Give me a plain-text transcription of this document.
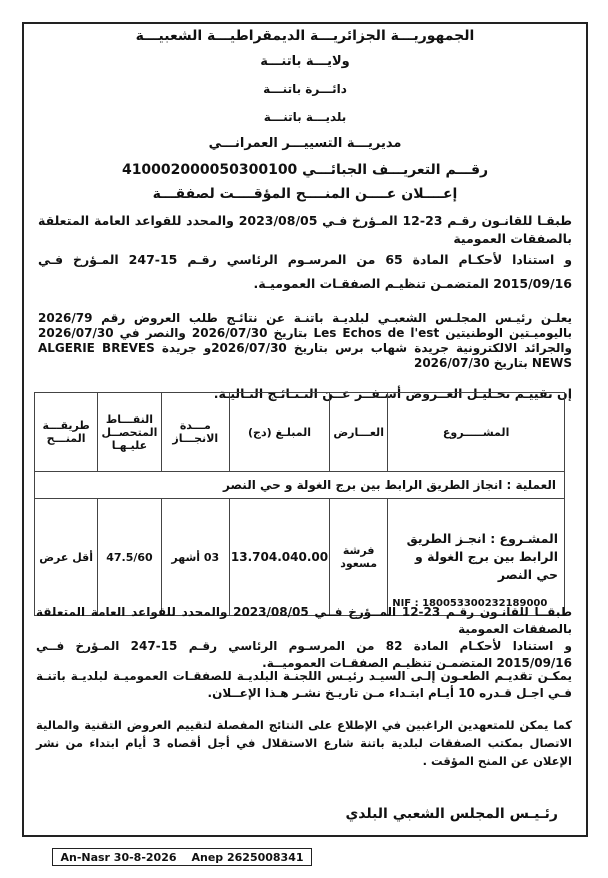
الجمهوريـــة الجزائريـــة الديمقراطيـــة الشعبيـــة
ولايـــة باتنـــة
دائـــرة باتنـــة
بلديـــة باتنـــة
مديريـــة التسييـــر العمرانـــي
رقـــم التعريـــف الجبائـــي 410002000050300100
إعــــلان عــــن المنــــح المؤقــــت لصفقـــة
طبقـا للقانـون رقـم 23-12 المـؤرخ فـي 2023/08/05 والمحدد للقواعد العامة المتعلقة بالصفقات العمومية
و استنادا لأحكـام المادة 65 من المرسـوم الرئاسي رقـم 15-247 المـؤرخ فـي 2015/09/16 المتضمـن تنظيـم الصفقـات العموميـة.
يعلـن رئيـس المجلـس الشعبـي لبلديـة باتنـة عن نتائـج طلب العروض رقم 2026/79 باليوميـتين الوطنيتين Les Echos de l'est بتاريخ 2026/07/30 والنصر في 2026/07/30 والجرائد الالكترونية جريدة شهاب برس بتاريخ 2026/07/30و جريدة ALGERIE BREVES NEWS بتاريخ 2026/07/30
إن تقييـم تحـليـل العــروض أسـفــر عــن النـتـائـج التـاليـة.
المشـــــروع	العـــارض	المبلـغ (دج)	مـــدة الانجـــاز	النقـــاط المتحصــل عليـهـا	طريقـــة المنـــح
العملية : انجاز الطريق الرابط بين برج الغولة و حي النصر					
المشـروع : انجـز الطريق الرابط بين برج الغولة و حي النصر
NIF : 180053300232189000	فرشة مسعود	13.704.040.00	03 أشهر	47.5/60	أقل عرض
طبقــا للقانـون رقـم 23-12 المــؤرخ فــي 2023/08/05 والمحدد للقواعد العامة المتعلقة بالصفقات العمومية
و استنادا لأحكـام المادة 82 من المرسـوم الرئاسي رقـم 15-247 المـؤرخ فــي 2015/09/16 المتضمـن تنظيـم الصفقـات العموميــة.
يمكـن تقديـم الطعـون إلـى السيـد رئيـس اللجنـة البلديـة للصفقـات العموميـة لبلديـة باتنـة فـي اجـل قـدره 10 أيـام ابتـداء مـن تاريـخ نشـر هـذا الإعــلان.
كما يمكن للمتعهدين الراغبين في الإطلاع على النتائج المفصلة لتقييم العروض التقنية والمالية الاتصال بمكتب الصفقات لبلدية باتنة شارع الاستقلال في أجل أقصاه 3 أيام ابتداء من نشر الإعلان عن المنح المؤقت .
رئـيـس المجلس الشعبي البلدي
An-Nasr 30-8-2026 Anep 2625008341
